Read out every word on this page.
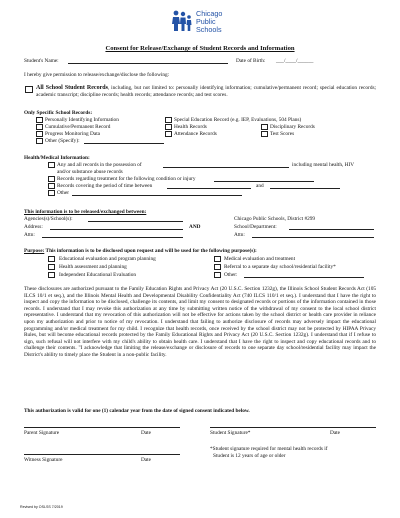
Chicago
Public
Schools
Consent for Release/Exchange of Student Records and Information
Student's Name:	Date of Birth: ___/____/______
I hereby give permission to release/exchange/disclose the following:
All School Student Records, including, but not limited to: personally identifying information; cumulative/permanent record; special education records; academic transcript; discipline records; health records; attendance records; and test scores.
Only Specific School Records:
Personally Identifying Information
Cumulative/Permanent Record
Progress Monitoring Data
Other (Specify):
Special Education Record (e.g. IEP, Evaluations, 504 Plans)
Health Records
Attendance Records
Disciplinary Records
Test Scores
Health/Medical Information:
Any and all records in the possession of	including mental health, HIV
and/or substance abuse records
Records regarding treatment for the following condition or injury
Records covering the period of time between	and
Other
This information is to be released/exchanged between:
Agencies(s)/School(s):
Address:
Attn:
AND
Chicago Public Schools, District #299
School/Department:
Attn:
Purpose: This information is to be disclosed upon request and will be used for the following purpose(s):
Educational evaluation and program planning
Health assessment and planning
Independent Educational Evaluation
Medical evaluation and treatment
Referral to a separate day school/residential facility*
Other:
These disclosures are authorized pursuant to the Family Education Rights and Privacy Act (20 U.S.C. Section 1232g), the Illinois School Student Records Act (105 ILCS 10/1 et seq.), and the Illinois Mental Health and Developmental Disability Confidentiality Act (740 ILCS 110/1 et seq.). I understand that I have the right to inspect and copy the information to be disclosed, challenge its contents, and limit my consent to designated records or portions of the information contained in those records. I understand that I may revoke this authorization at any time by submitting written notice of the withdrawal of my consent to the local school district representative. I understand that my revocation of this authorization will not be effective for actions taken by the school district or health care provider in reliance upon my authorization and prior to notice of my revocation. I understand that failing to authorize disclosure of records may adversely impact the educational programming and/or medical treatment for my child. I recognize that health records, once received by the school district may not be protected by HIPAA Privacy Rules, but will become educational records protected by the Family Educational Rights and Privacy Act (20 U.S.C. Section 1232g). I understand that if I refuse to sign, such refusal will not interfere with my child's ability to obtain health care. I understand that I have the right to inspect and copy educational records and to challenge their contents. "I acknowledge that limiting the release/exchange or disclosure of records to one separate day school/residential facility may impact the District's ability to timely place the Student in a non-public facility.
This authorization is valid for one (1) calendar year from the date of signed consent indicated below.
Parent Signature	Date	Student Signature*	Date
Witness Signature	Date
*Student signature required for mental health records if
Student is 12 years of age or older
Revised by OSLSS 7/2019
